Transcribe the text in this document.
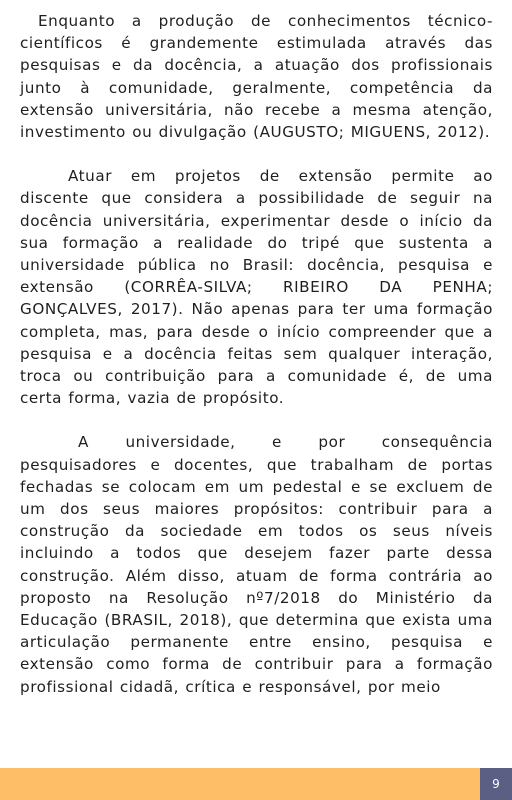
Enquanto a produção de conhecimentos técnico-científicos é grandemente estimulada através das pesquisas e da docência, a atuação dos profissionais junto à comunidade, geralmente, competência da extensão universitária, não recebe a mesma atenção, investimento ou divulgação (AUGUSTO; MIGUENS, 2012).

Atuar em projetos de extensão permite ao discente que considera a possibilidade de seguir na docência universitária, experimentar desde o início da sua formação a realidade do tripé que sustenta a universidade pública no Brasil: docência, pesquisa e extensão (CORRÊA-SILVA; RIBEIRO DA PENHA; GONÇALVES, 2017). Não apenas para ter uma formação completa, mas, para desde o início compreender que a pesquisa e a docência feitas sem qualquer interação, troca ou contribuição para a comunidade é, de uma certa forma, vazia de propósito.

A universidade, e por consequência pesquisadores e docentes, que trabalham de portas fechadas se colocam em um pedestal e se excluem de um dos seus maiores propósitos: contribuir para a construção da sociedade em todos os seus níveis incluindo a todos que desejem fazer parte dessa construção. Além disso, atuam de forma contrária ao proposto na Resolução nº7/2018 do Ministério da Educação (BRASIL, 2018), que determina que exista uma articulação permanente entre ensino, pesquisa e extensão como forma de contribuir para a formação profissional cidadã, crítica e responsável, por meio

9
